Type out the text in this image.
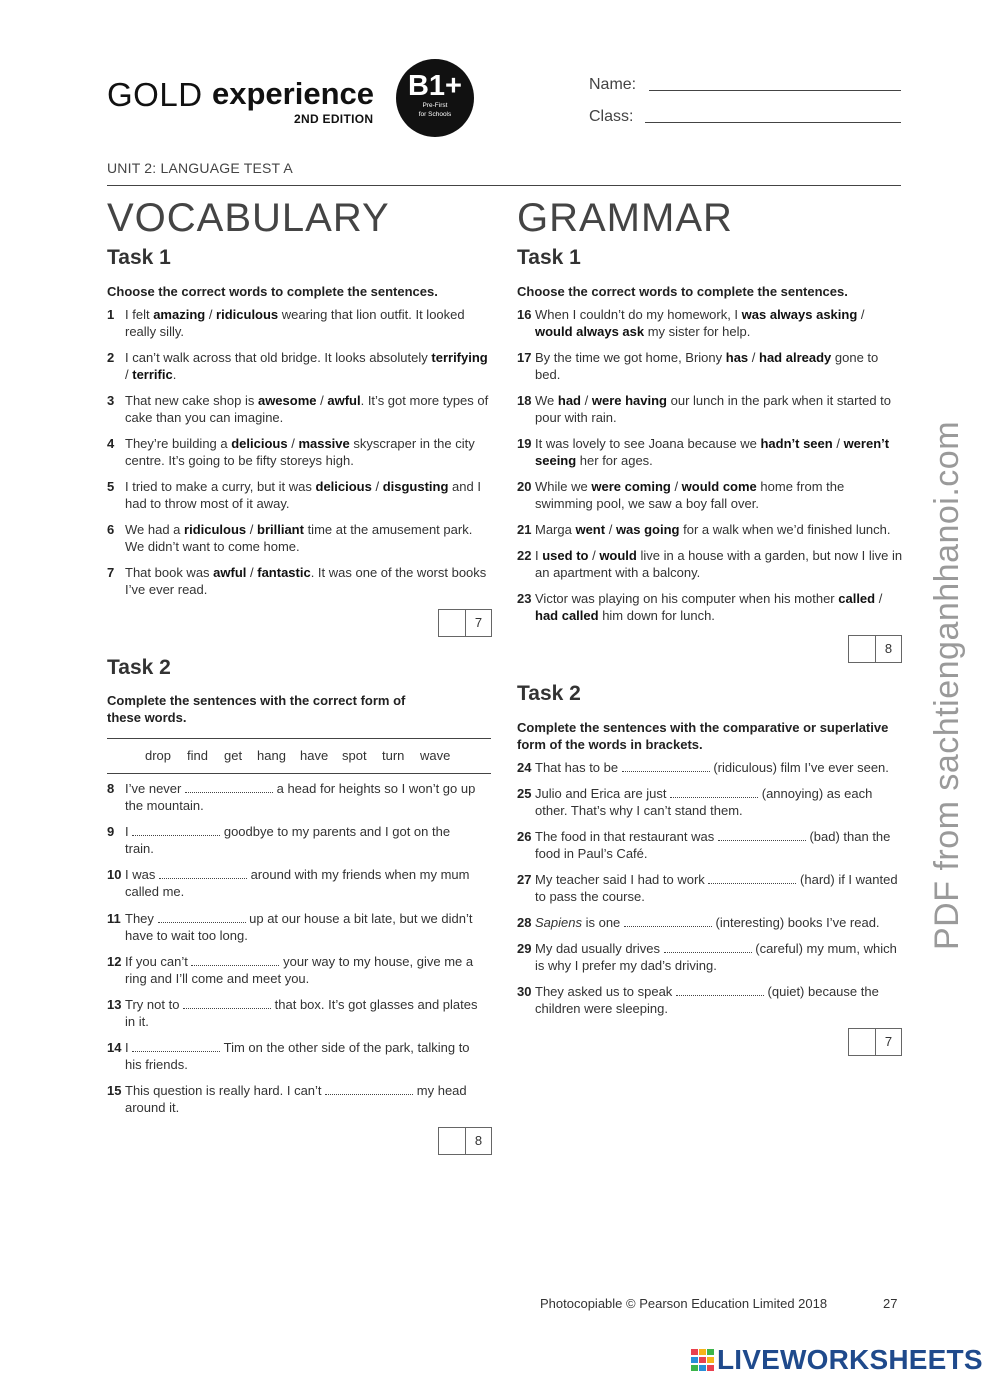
GOLD experience
2ND EDITION
B1+
Pre-First
for Schools
Name:
Class:
UNIT 2: LANGUAGE TEST A
VOCABULARY
Task 1
Choose the correct words to complete the sentences.
1 I felt amazing / ridiculous wearing that lion outfit. It looked really silly.
2 I can’t walk across that old bridge. It looks absolutely terrifying / terrific.
3 That new cake shop is awesome / awful. It’s got more types of cake than you can imagine.
4 They’re building a delicious / massive skyscraper in the city centre. It’s going to be fifty storeys high.
5 I tried to make a curry, but it was delicious / disgusting and I had to throw most of it away.
6 We had a ridiculous / brilliant time at the amusement park. We didn’t want to come home.
7 That book was awful / fantastic. It was one of the worst books I’ve ever read.
7
Task 2
Complete the sentences with the correct form of these words.
drop find get hang have spot turn wave
8 I’ve never	a head for heights so I won’t go up the mountain.
9 I	goodbye to my parents and I got on the train.
10 I was	around with my friends when my mum called me.
11 They	up at our house a bit late, but we didn’t have to wait too long.
12 If you can’t	your way to my house, give me a ring and I’ll come and meet you.
13 Try not to	that box. It’s got glasses and plates in it.
14 I	Tim on the other side of the park, talking to his friends.
15 This question is really hard. I can’t	my head around it.
8
GRAMMAR
Task 1
Choose the correct words to complete the sentences.
16 When I couldn’t do my homework, I was always asking / would always ask my sister for help.
17 By the time we got home, Briony has / had already gone to bed.
18 We had / were having our lunch in the park when it started to pour with rain.
19 It was lovely to see Joana because we hadn’t seen / weren’t seeing her for ages.
20 While we were coming / would come home from the swimming pool, we saw a boy fall over.
21 Marga went / was going for a walk when we’d finished lunch.
22 I used to / would live in a house with a garden, but now I live in an apartment with a balcony.
23 Victor was playing on his computer when his mother called / had called him down for lunch.
8
Task 2
Complete the sentences with the comparative or superlative form of the words in brackets.
24 That has to be	(ridiculous) film I’ve ever seen.
25 Julio and Erica are just	(annoying) as each other. That’s why I can’t stand them.
26 The food in that restaurant was	(bad) than the food in Paul’s Café.
27 My teacher said I had to work	(hard) if I wanted to pass the course.
28 Sapiens is one	(interesting) books I’ve read.
29 My dad usually drives	(careful) my mum, which is why I prefer my dad’s driving.
30 They asked us to speak	(quiet) because the children were sleeping.
7
PDF from sachtienganhhanoi.com
Photocopiable © Pearson Education Limited 2018	27
LIVEWORKSHEETS
